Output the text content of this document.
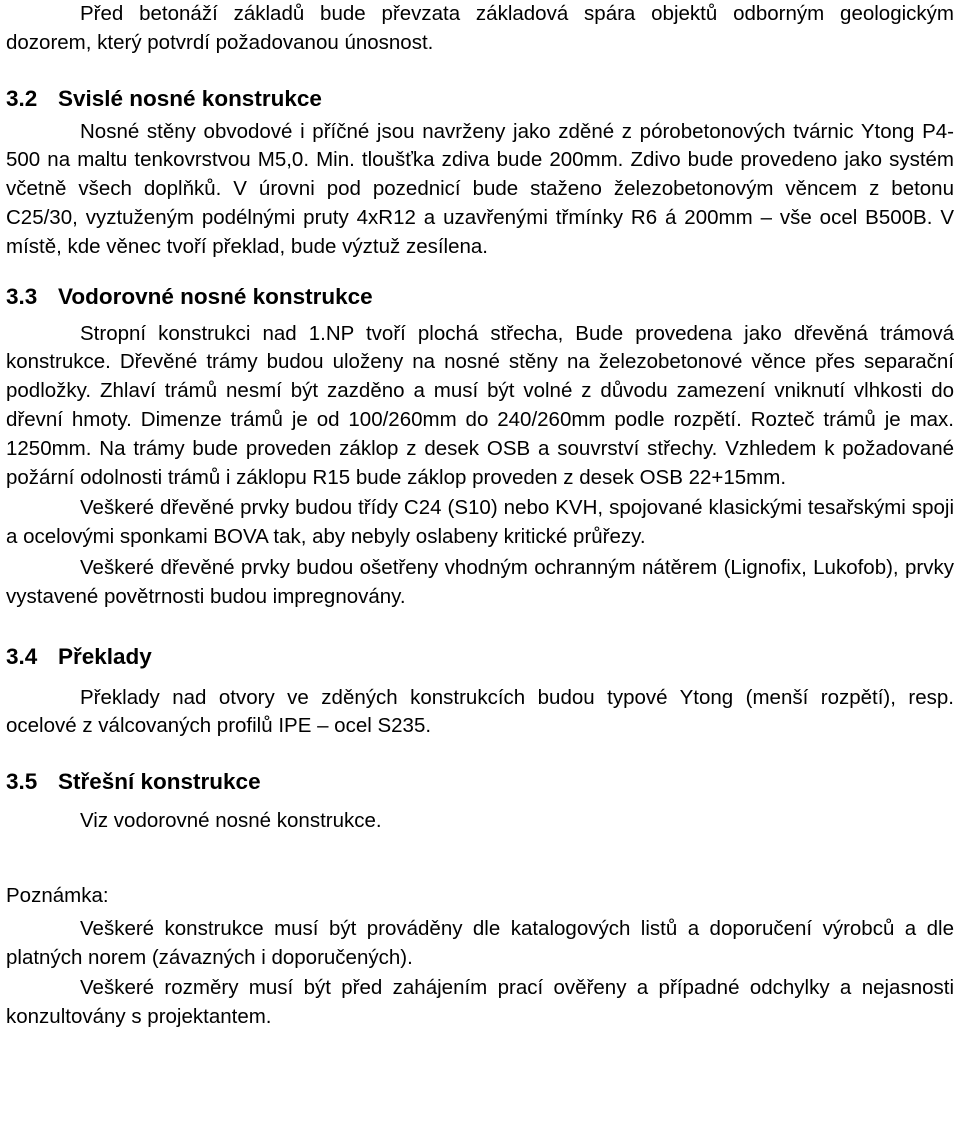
Před betonáží základů bude převzata základová spára objektů odborným geologickým dozorem, který potvrdí požadovanou únosnost.

3.2 Svislé nosné konstrukce

Nosné stěny obvodové i příčné jsou navrženy jako zděné z pórobetonových tvárnic Ytong P4-500 na maltu tenkovrstvou M5,0. Min. tloušťka zdiva bude 200mm. Zdivo bude provedeno jako systém včetně všech doplňků. V úrovni pod pozednicí bude staženo železobetonovým věncem z betonu C25/30, vyztuženým podélnými pruty 4xR12 a uzavřenými třmínky R6 á 200mm – vše ocel B500B. V místě, kde věnec tvoří překlad, bude výztuž zesílena.

3.3 Vodorovné nosné konstrukce

Stropní konstrukci nad 1.NP tvoří plochá střecha, Bude provedena jako dřevěná trámová konstrukce. Dřevěné trámy budou uloženy na nosné stěny na železobetonové věnce přes separační podložky. Zhlaví trámů nesmí být zazděno a musí být volné z důvodu zamezení vniknutí vlhkosti do dřevní hmoty. Dimenze trámů je od 100/260mm do 240/260mm podle rozpětí. Rozteč trámů je max. 1250mm. Na trámy bude proveden záklop z desek OSB a souvrství střechy. Vzhledem k požadované požární odolnosti trámů i záklopu R15 bude záklop proveden z desek OSB 22+15mm.

Veškeré dřevěné prvky budou třídy C24 (S10) nebo KVH, spojované klasickými tesařskými spoji a ocelovými sponkami BOVA tak, aby nebyly oslabeny kritické průřezy.

Veškeré dřevěné prvky budou ošetřeny vhodným ochranným nátěrem (Lignofix, Lukofob), prvky vystavené povětrnosti budou impregnovány.

3.4 Překlady

Překlady nad otvory ve zděných konstrukcích budou typové Ytong (menší rozpětí), resp. ocelové z válcovaných profilů IPE – ocel S235.

3.5 Střešní konstrukce

Viz vodorovné nosné konstrukce.

Poznámka:

Veškeré konstrukce musí být prováděny dle katalogových listů a doporučení výrobců a dle platných norem (závazných i doporučených).

Veškeré rozměry musí být před zahájením prací ověřeny a případné odchylky a nejasnosti konzultovány s projektantem.
